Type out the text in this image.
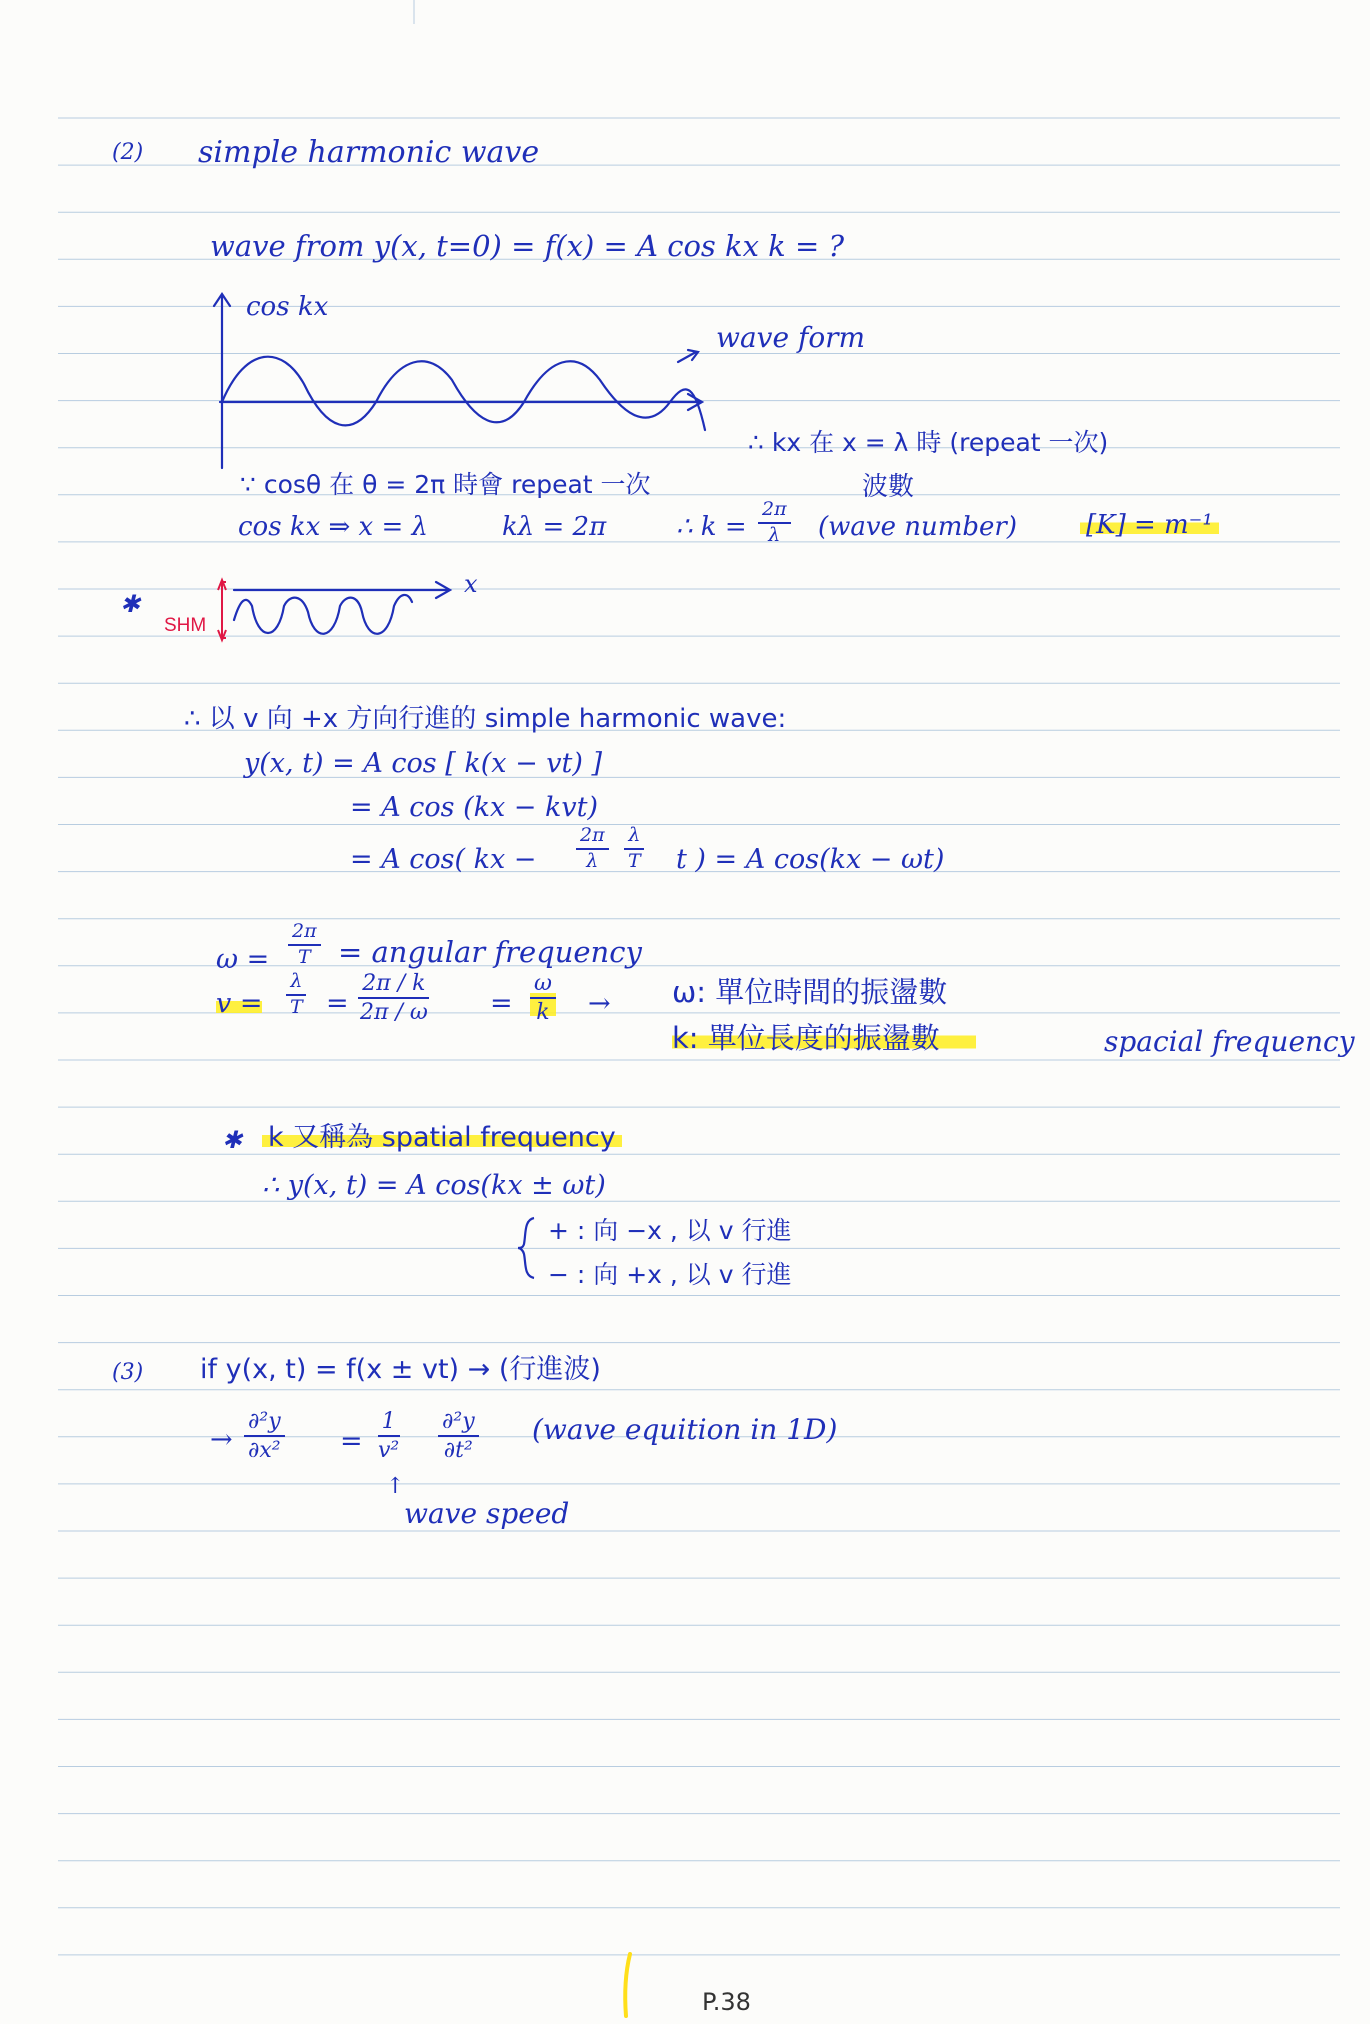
(2) simple harmonic wave
wave from y(x, t=0) = f(x) = A cos kx k = ?
cos kx
wave form
∴ kx 在 x = λ 時 (repeat 一次)
∵ cosθ 在 θ = 2π 時會 repeat 一次	波數
cos kx ⇒ x = λ	kλ = 2π	∴ $k = \frac{2\pi}{\lambda}$ (wave number)	[K] = m⁻¹
✱
SHM
x
∴ 以 v 向 +x 方向行進的 simple harmonic wave:
y(x, t) = A cos [ k(x − vt) ]
= A cos (kx − kvt)
= A cos( kx − $\frac{2\pi}{\lambda} \frac{\lambda}{T}$ t ) = A cos(kx − ωt)
$\omega = \frac{2\pi}{T}$ = angular frequency
$v = \frac{\lambda}{T} = \frac{2\pi / k}{2\pi / \omega} = \frac{\omega}{k} \to \omega$: 單位時間的振盪數
k: 單位長度的振盪數	spacial frequency
✱ k 又稱為 spatial frequency
∴ y(x, t) = A cos(kx ± ωt)
+ : 向 −x , 以 v 行進
− : 向 +x , 以 v 行進
(3) if y(x, t) = f(x ± vt) → (行進波)
→ $\frac{\text{∂²y}}{\text{∂x²}} = \frac{1}{\text{v²}} \frac{\text{∂²y}}{\text{∂t²}}$ (wave equition in 1D)
↑
wave speed
P.38
